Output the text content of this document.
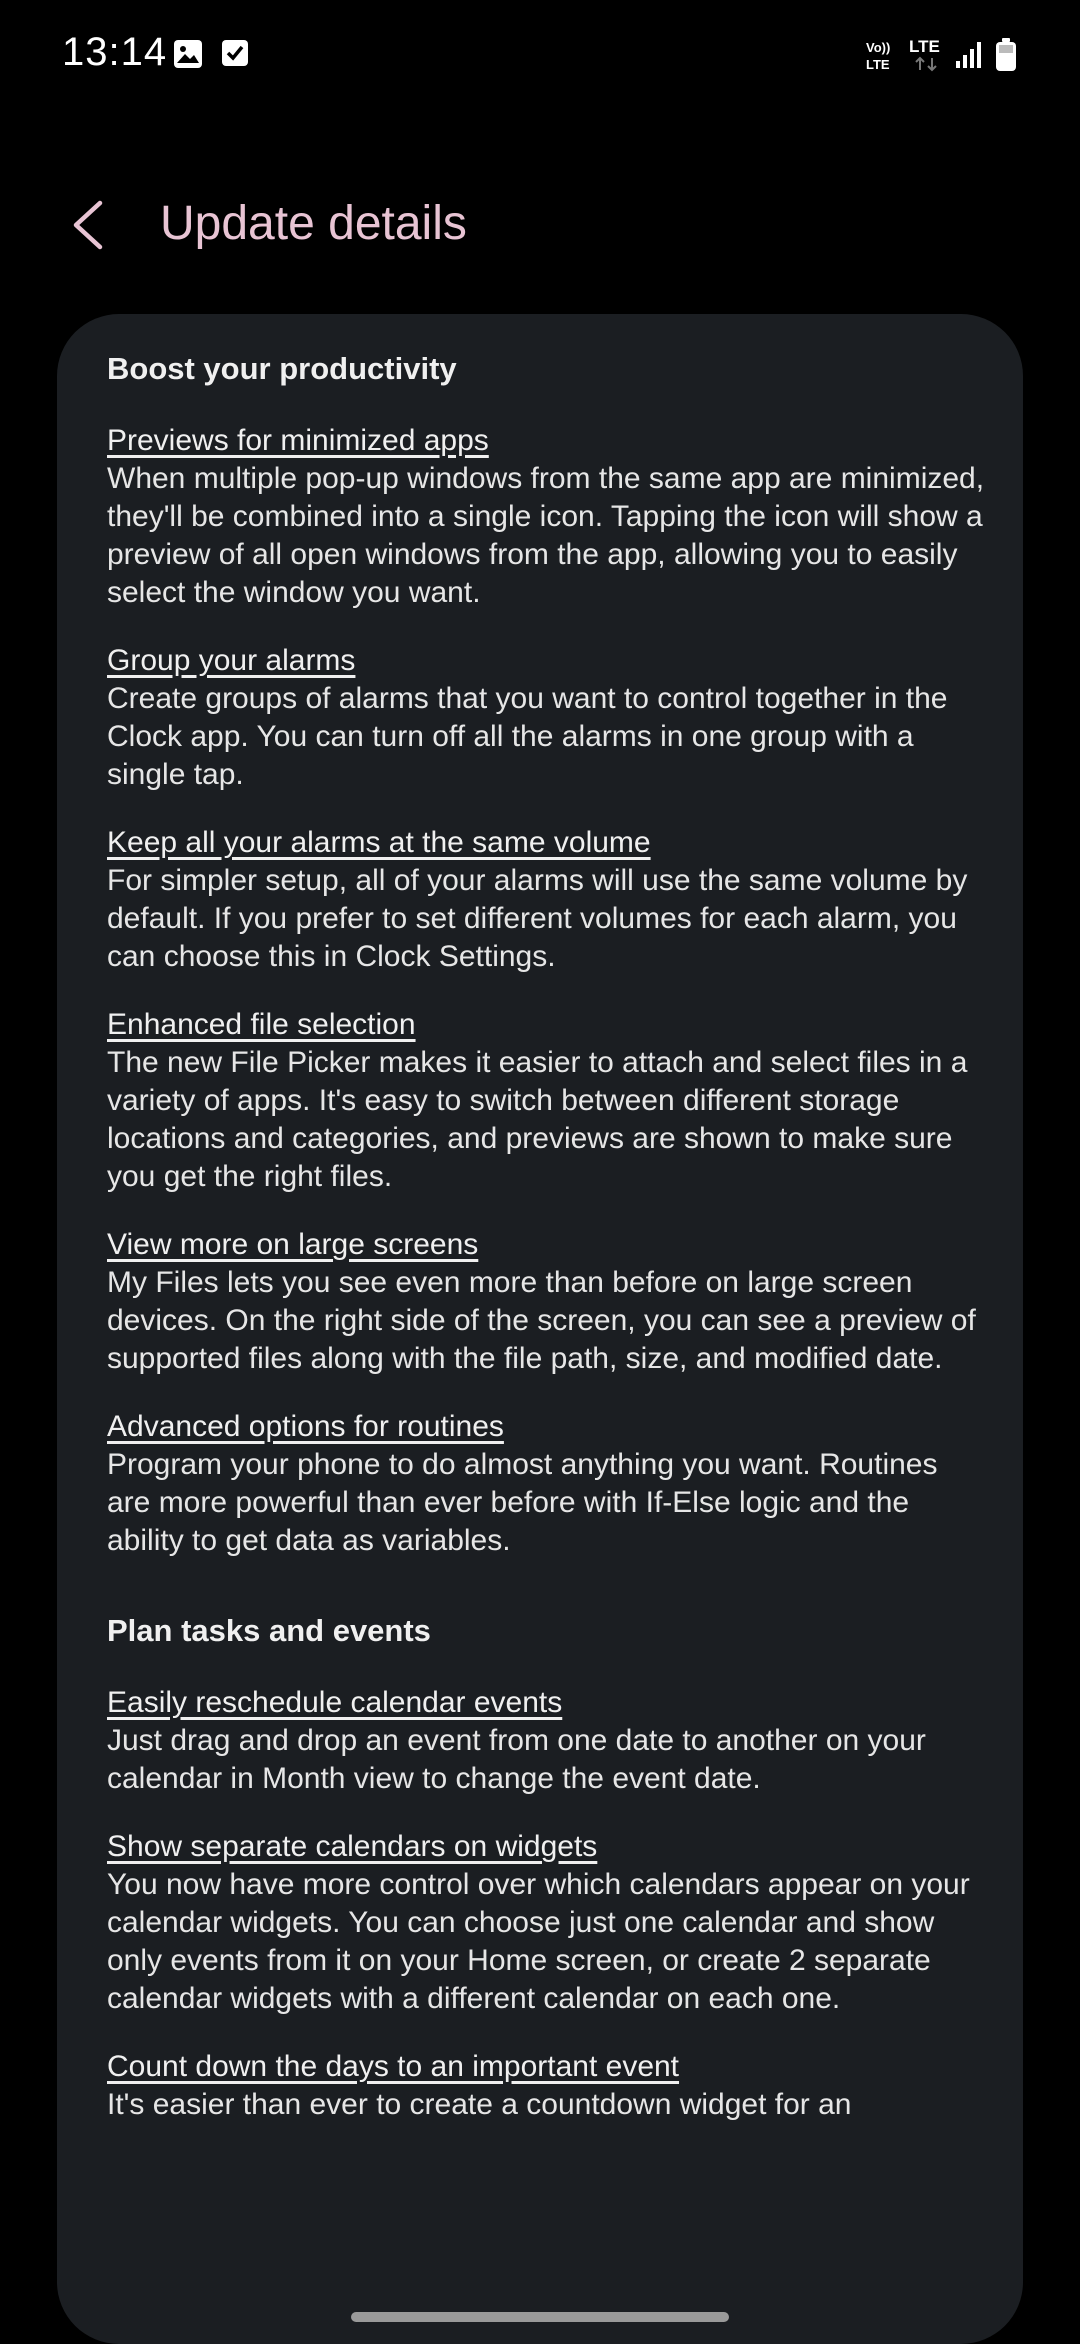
13:14	Vo))
LTE
LTE
Update details
Boost your productivity
Previews for minimized apps

When multiple pop-up windows from the same app are minimized, they'll be combined into a single icon. Tapping the icon will show a preview of all open windows from the app, allowing you to easily select the window you want.

Group your alarms

Create groups of alarms that you want to control together in the Clock app. You can turn off all the alarms in one group with a single tap.

Keep all your alarms at the same volume

For simpler setup, all of your alarms will use the same volume by default. If you prefer to set different volumes for each alarm, you can choose this in Clock Settings.

Enhanced file selection

The new File Picker makes it easier to attach and select files in a variety of apps. It's easy to switch between different storage locations and categories, and previews are shown to make sure you get the right files.

View more on large screens

My Files lets you see even more than before on large screen devices. On the right side of the screen, you can see a preview of supported files along with the file path, size, and modified date.

Advanced options for routines

Program your phone to do almost anything you want. Routines are more powerful than ever before with If-Else logic and the ability to get data as variables.

Plan tasks and events
Easily reschedule calendar events

Just drag and drop an event from one date to another on your calendar in Month view to change the event date.

Show separate calendars on widgets

You now have more control over which calendars appear on your calendar widgets. You can choose just one calendar and show only events from it on your Home screen, or create 2 separate calendar widgets with a different calendar on each one.

Count down the days to an important event

It's easier than ever to create a countdown widget for an
